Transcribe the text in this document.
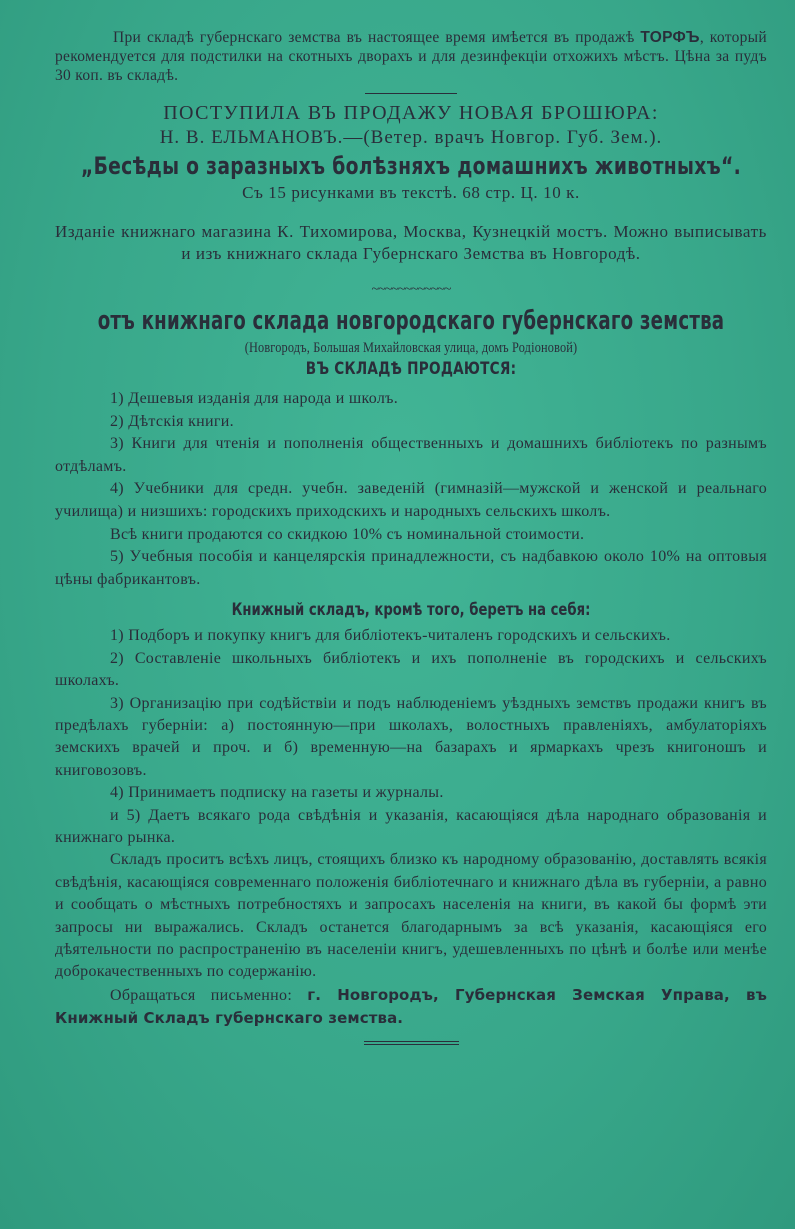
При складѣ губернскаго земства въ настоящее время имѣется въ продажѣ ТОРФЪ, который рекомендуется для подстилки на скотныхъ дворахъ и для дезинфекціи отхожихъ мѣстъ. Цѣна за пудъ 30 коп. въ складѣ.

ПОСТУПИЛА ВЪ ПРОДАЖУ НОВАЯ БРОШЮРА:

Н. В. ЕЛЬМАНОВЪ.—(Ветер. врачъ Новгор. Губ. Зем.).

„Бесѣды о заразныхъ болѣзняхъ домашнихъ животныхъ“.

Съ 15 рисунками въ текстѣ. 68 стр. Ц. 10 к.

Изданіе книжнаго магазина К. Тихомирова, Москва, Кузнецкій мостъ. Можно выписывать и изъ книжнаго склада Губернскаго Земства въ Новгородѣ.

~~~~~~~~~~~~

отъ книжнаго склада новгородскаго губернскаго земства

(Новгородъ, Большая Михайловская улица, домъ Родіоновой)

ВЪ СКЛАДѢ ПРОДАЮТСЯ:

1) Дешевыя изданія для народа и школъ.

2) Дѣтскія книги.

3) Книги для чтенія и пополненія общественныхъ и домашнихъ библіотекъ по разнымъ отдѣламъ.

4) Учебники для средн. учебн. заведеній (гимназій—мужской и женской и реальнаго училища) и низшихъ: городскихъ приходскихъ и народныхъ сельскихъ школъ.

Всѣ книги продаются со скидкою 10% съ номинальной стоимости.

5) Учебныя пособія и канцелярскія принадлежности, съ надбавкою около 10% на оптовыя цѣны фабрикантовъ.

Книжный складъ, кромѣ того, беретъ на себя:

1) Подборъ и покупку книгъ для библіотекъ-читаленъ городскихъ и сельскихъ.

2) Составленіе школьныхъ библіотекъ и ихъ пополненіе въ городскихъ и сельскихъ школахъ.

3) Организацію при содѣйствіи и подъ наблюденіемъ уѣздныхъ земствъ продажи книгъ въ предѣлахъ губерніи: а) постоянную—при школахъ, волостныхъ правленіяхъ, амбулаторіяхъ земскихъ врачей и проч. и б) временную—на базарахъ и ярмаркахъ чрезъ книгоношъ и книговозовъ.

4) Принимаетъ подписку на газеты и журналы.

и 5) Даетъ всякаго рода свѣдѣнія и указанія, касающіяся дѣла народнаго образованія и книжнаго рынка.

Складъ проситъ всѣхъ лицъ, стоящихъ близко къ народному образованію, доставлять всякія свѣдѣнія, касающіяся современнаго положенія библіотечнаго и книжнаго дѣла въ губерніи, а равно и сообщать о мѣстныхъ потребностяхъ и запросахъ населенія на книги, въ какой бы формѣ эти запросы ни выражались. Складъ останется благодарнымъ за всѣ указанія, касающіяся его дѣятельности по распространенію въ населеніи книгъ, удешевленныхъ по цѣнѣ и болѣе или менѣе доброкачественныхъ по содержанію.

Обращаться письменно: г. Новгородъ, Губернская Земская Управа, въ Книжный Складъ губернскаго земства.
